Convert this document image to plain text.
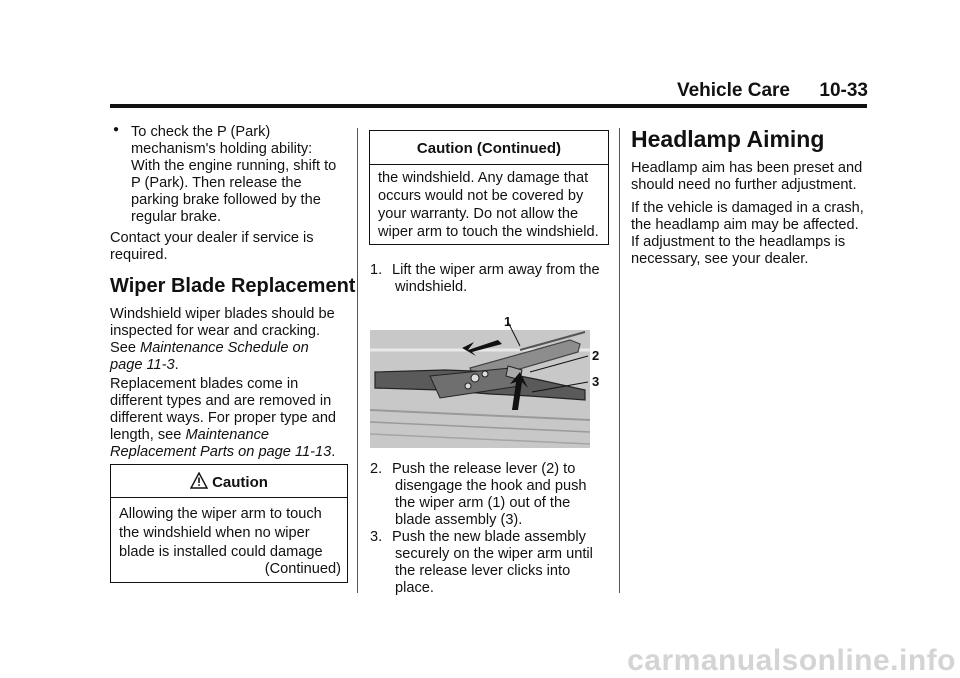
Vehicle Care 10-33
● To check the P (Park)
mechanism's holding ability:
With the engine running, shift to
P (Park). Then release the
parking brake followed by the
regular brake.
Contact your dealer if service is
required.
Wiper Blade Replacement
Windshield wiper blades should be
inspected for wear and cracking.
See Maintenance Schedule on
page 11-3.
Replacement blades come in
different types and are removed in
different ways. For proper type and
length, see Maintenance
Replacement Parts on page 11-13.
Caution
Allowing the wiper arm to touch
the windshield when no wiper
blade is installed could damage
(Continued)
Caution (Continued)
the windshield. Any damage that
occurs would not be covered by
your warranty. Do not allow the
wiper arm to touch the windshield.
1. Lift the wiper arm away from the
windshield.
1
2
3
2. Push the release lever (2) to
disengage the hook and push
the wiper arm (1) out of the
blade assembly (3).
3. Push the new blade assembly
securely on the wiper arm until
the release lever clicks into
place.
Headlamp Aiming
Headlamp aim has been preset and
should need no further adjustment.
If the vehicle is damaged in a crash,
the headlamp aim may be affected.
If adjustment to the headlamps is
necessary, see your dealer.
carmanualsonline.info
